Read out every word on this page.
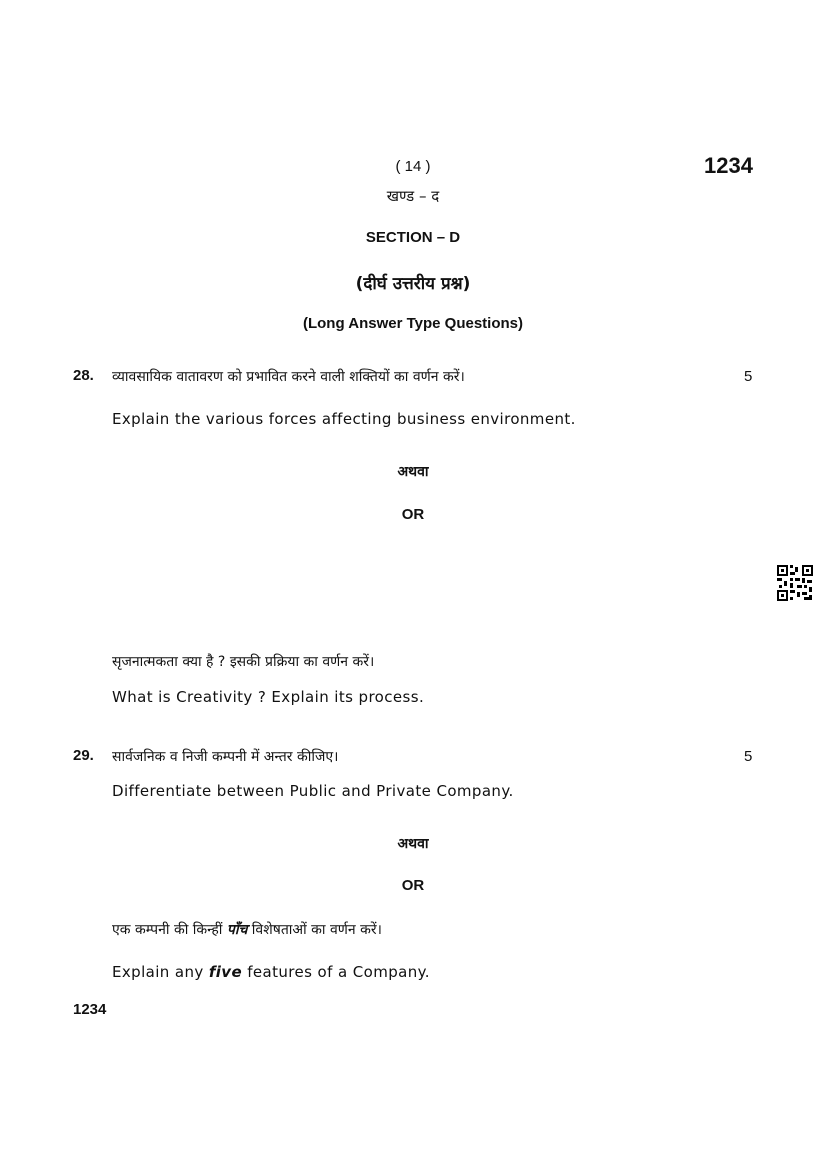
( 14 )	1234
खण्ड – द
SECTION – D
(दीर्घ उत्तरीय प्रश्न)
(Long Answer Type Questions)
28. व्यावसायिक वातावरण को प्रभावित करने वाली शक्तियों का वर्णन करें।	5
Explain the various forces affecting business environment.
अथवा
OR
सृजनात्मकता क्या है ? इसकी प्रक्रिया का वर्णन करें।
What is Creativity ? Explain its process.
29. सार्वजनिक व निजी कम्पनी में अन्तर कीजिए।	5
Differentiate between Public and Private Company.
अथवा
OR
एक कम्पनी की किन्हीं पाँच विशेषताओं का वर्णन करें।
Explain any five features of a Company.
1234
